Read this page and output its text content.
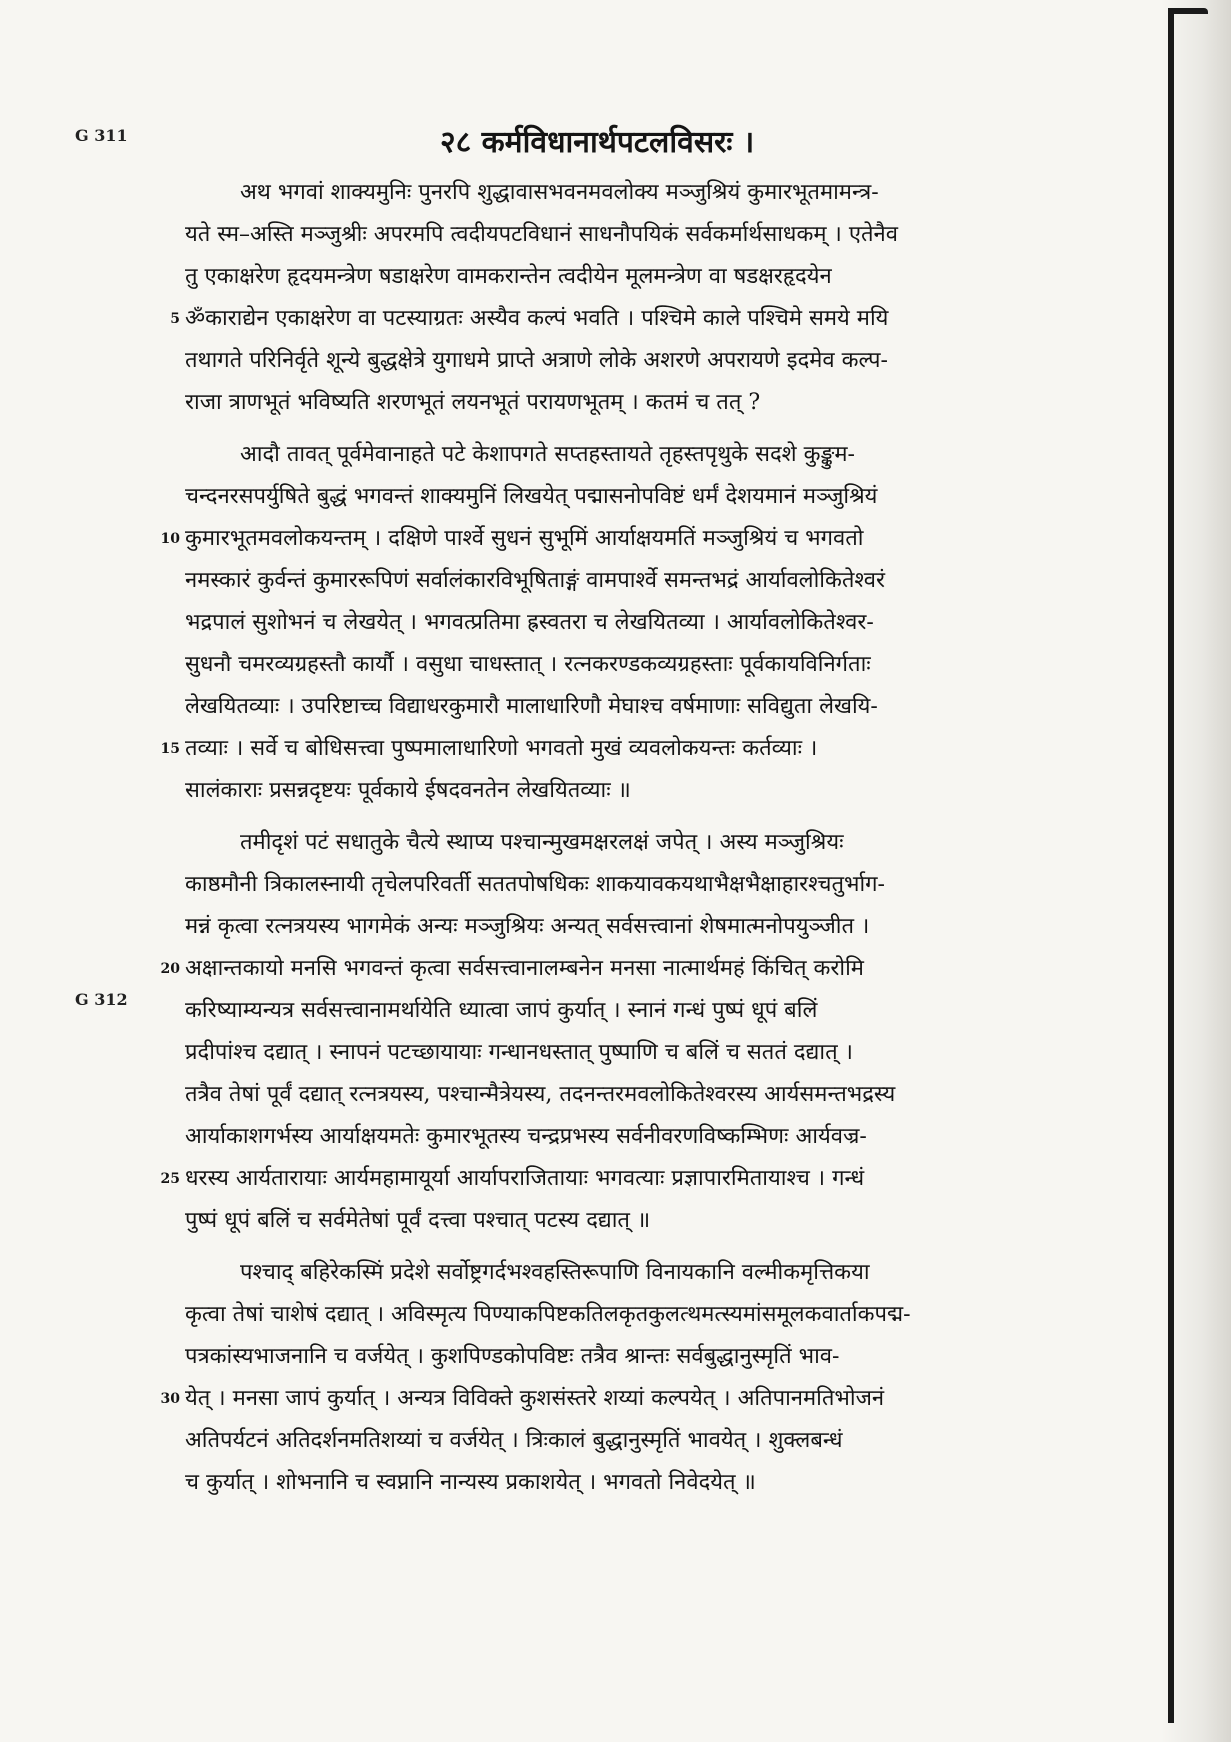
G 311
G 312
२८ कर्मविधानार्थपटलविसरः ।
अथ भगवां शाक्यमुनिः पुनरपि शुद्धावासभवनमवलोक्य मञ्जुश्रियं कुमारभूतमामन्त्र-
यते स्म–अस्ति मञ्जुश्रीः अपरमपि त्वदीयपटविधानं साधनौपयिकं सर्वकर्मार्थसाधकम् । एतेनैव
तु एकाक्षरेण हृदयमन्त्रेण षडाक्षरेण वामकरान्तेन त्वदीयेन मूलमन्त्रेण वा षडक्षरहृदयेन
5 ॐकाराद्येन एकाक्षरेण वा पटस्याग्रतः अस्यैव कल्पं भवति । पश्चिमे काले पश्चिमे समये मयि
तथागते परिनिर्वृते शून्ये बुद्धक्षेत्रे युगाधमे प्राप्ते अत्राणे लोके अशरणे अपरायणे इदमेव कल्प-
राजा त्राणभूतं भविष्यति शरणभूतं लयनभूतं परायणभूतम् । कतमं च तत् ?
आदौ तावत् पूर्वमेवानाहते पटे केशापगते सप्तहस्तायते तृहस्तपृथुके सदशे कुङ्कुम-
चन्दनरसपर्युषिते बुद्धं भगवन्तं शाक्यमुनिं लिखयेत् पद्मासनोपविष्टं धर्मं देशयमानं मञ्जुश्रियं
10 कुमारभूतमवलोकयन्तम् । दक्षिणे पार्श्वे सुधनं सुभूमिं आर्याक्षयमतिं मञ्जुश्रियं च भगवतो
नमस्कारं कुर्वन्तं कुमाररूपिणं सर्वालंकारविभूषिताङ्गं वामपार्श्वे समन्तभद्रं आर्यावलोकितेश्वरं
भद्रपालं सुशोभनं च लेखयेत् । भगवत्प्रतिमा ह्रस्वतरा च लेखयितव्या । आर्यावलोकितेश्वर-
सुधनौ चमरव्यग्रहस्तौ कार्यौ । वसुधा चाधस्तात् । रत्नकरण्डकव्यग्रहस्ताः पूर्वकायविनिर्गताः
लेखयितव्याः । उपरिष्टाच्च विद्याधरकुमारौ मालाधारिणौ मेघाश्च वर्षमाणाः सविद्युता लेखयि-
15 तव्याः । सर्वे च बोधिसत्त्वा पुष्पमालाधारिणो भगवतो मुखं व्यवलोकयन्तः कर्तव्याः ।
सालंकाराः प्रसन्नदृष्टयः पूर्वकाये ईषदवनतेन लेखयितव्याः ॥
तमीदृशं पटं सधातुके चैत्ये स्थाप्य पश्चान्मुखमक्षरलक्षं जपेत् । अस्य मञ्जुश्रियः
काष्ठमौनी त्रिकालस्नायी तृचेलपरिवर्ती सततपोषधिकः शाकयावकयथाभैक्षभैक्षाहारश्चतुर्भाग-
मन्नं कृत्वा रत्नत्रयस्य भागमेकं अन्यः मञ्जुश्रियः अन्यत् सर्वसत्त्वानां शेषमात्मनोपयुञ्जीत ।
20 अक्षान्तकायो मनसि भगवन्तं कृत्वा सर्वसत्त्वानालम्बनेन मनसा नात्मार्थमहं किंचित् करोमि
करिष्याम्यन्यत्र सर्वसत्त्वानामर्थायेति ध्यात्वा जापं कुर्यात् । स्नानं गन्धं पुष्पं धूपं बलिं
प्रदीपांश्च दद्यात् । स्नापनं पटच्छायायाः गन्धानधस्तात् पुष्पाणि च बलिं च सततं दद्यात् ।
तत्रैव तेषां पूर्वं दद्यात् रत्नत्रयस्य, पश्चान्मैत्रेयस्य, तदनन्तरमवलोकितेश्वरस्य आर्यसमन्तभद्रस्य
आर्याकाशगर्भस्य आर्याक्षयमतेः कुमारभूतस्य चन्द्रप्रभस्य सर्वनीवरणविष्कम्भिणः आर्यवज्र-
25 धरस्य आर्यतारायाः आर्यमहामायूर्या आर्यापराजितायाः भगवत्याः प्रज्ञापारमितायाश्च । गन्धं
पुष्पं धूपं बलिं च सर्वमेतेषां पूर्वं दत्त्वा पश्चात् पटस्य दद्यात् ॥
पश्चाद् बहिरेकस्मिं प्रदेशे सर्वोष्ट्रगर्दभश्वहस्तिरूपाणि विनायकानि वल्मीकमृत्तिकया
कृत्वा तेषां चाशेषं दद्यात् । अविस्मृत्य पिण्याकपिष्टकतिलकृतकुलत्थमत्स्यमांसमूलकवार्ताकपद्म-
पत्रकांस्यभाजनानि च वर्जयेत् । कुशपिण्डकोपविष्टः तत्रैव श्रान्तः सर्वबुद्धानुस्मृतिं भाव-
30 येत् । मनसा जापं कुर्यात् । अन्यत्र विविक्ते कुशसंस्तरे शय्यां कल्पयेत् । अतिपानमतिभोजनं
अतिपर्यटनं अतिदर्शनमतिशय्यां च वर्जयेत् । त्रिःकालं बुद्धानुस्मृतिं भावयेत् । शुक्लबन्धं
च कुर्यात् । शोभनानि च स्वप्नानि नान्यस्य प्रकाशयेत् । भगवतो निवेदयेत् ॥
